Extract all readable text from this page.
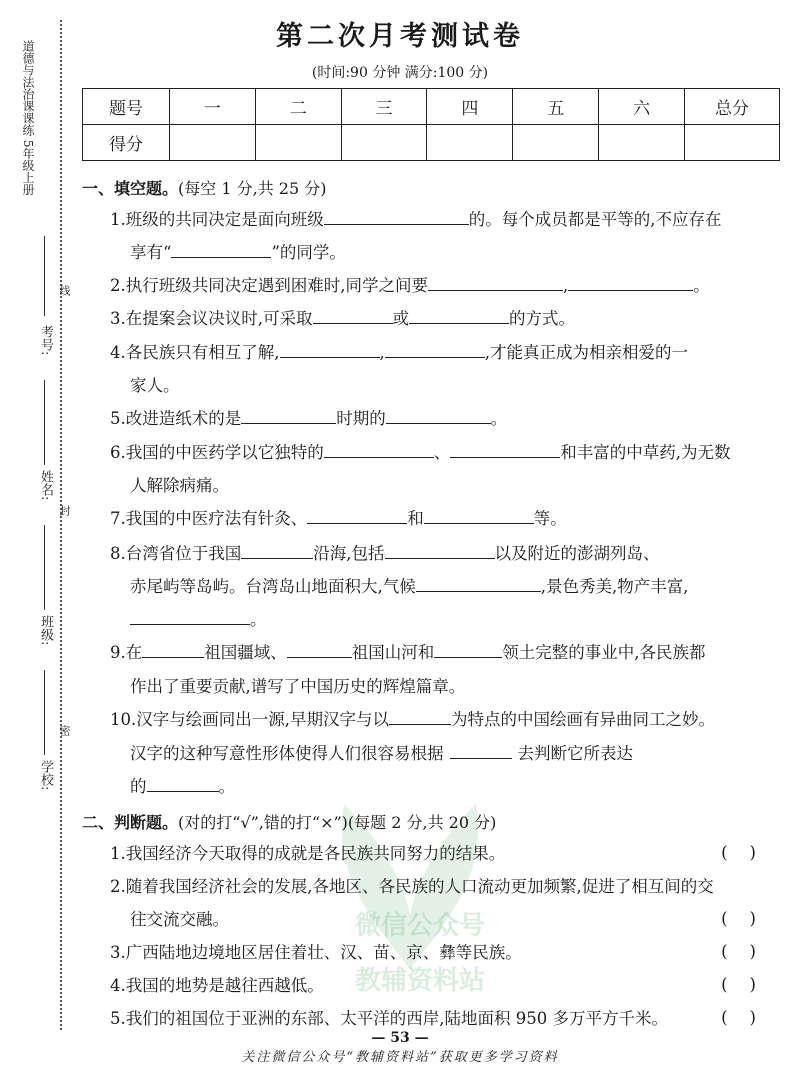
道德与法治课课练 5年级上册
考号:
线
姓名:
封
班级:
学校:
密
第二次月考测试卷
(时间:90 分钟 满分:100 分)
题号	一	二	三	四	五	六	总分
得分							
微信公众号
教辅资料站
一、填空题。(每空 1 分,共 25 分)
1.班级的共同决定是面向班级	的。每个成员都是平等的,不应存在
享有“	”的同学。
2.执行班级共同决定遇到困难时,同学之间要	,	。
3.在提案会议决议时,可采取	或	的方式。
4.各民族只有相互了解,	,	,才能真正成为相亲相爱的一
家人。
5.改进造纸术的是	时期的	。
6.我国的中医药学以它独特的	、	和丰富的中草药,为无数
人解除病痛。
7.我国的中医疗法有针灸、	和	等。
8.台湾省位于我国	沿海,包括	以及附近的澎湖列岛、
赤尾屿等岛屿。台湾岛山地面积大,气候	,景色秀美,物产丰富,
。
9.在	祖国疆域、	祖国山河和	领土完整的事业中,各民族都
作出了重要贡献,谱写了中国历史的辉煌篇章。
10.汉字与绘画同出一源,早期汉字与以	为特点的中国绘画有异曲同工之妙。
汉字的这种写意性形体使得人们很容易根据	去判断它所表达
的	。
二、判断题。(对的打“√”,错的打“×”)(每题 2 分,共 20 分)
1.我国经济今天取得的成就是各民族共同努力的结果。	()
2.随着我国经济社会的发展,各地区、各民族的人口流动更加频繁,促进了相互间的交
往交流交融。	()
3.广西陆地边境地区居住着壮、汉、苗、京、彝等民族。	()
4.我国的地势是越往西越低。	()
5.我们的祖国位于亚洲的东部、太平洋的西岸,陆地面积 950 多万平方千米。	()
— 53 —
关注微信公众号“教辅资料站”获取更多学习资料
